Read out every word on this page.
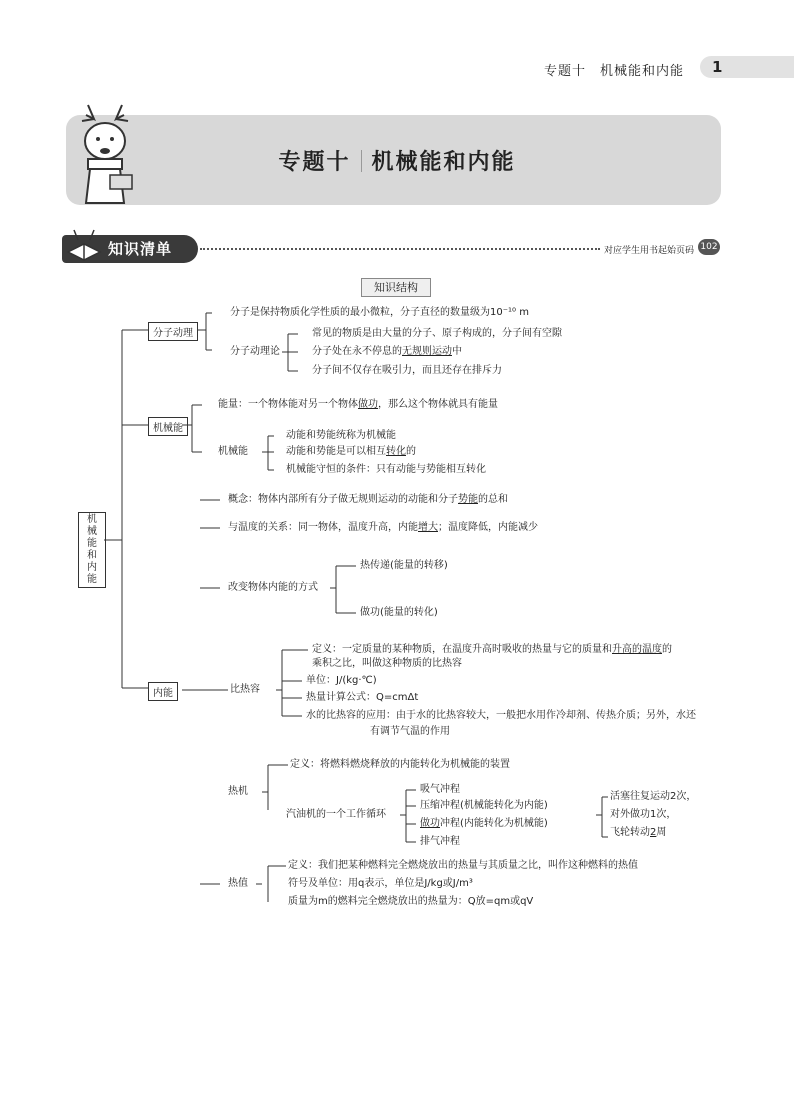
专题十　机械能和内能 1
专题十 机械能和内能
知识清单	对应学生用书起始页码 102
知识结构
机械能和内能
分子动理
分子是保持物质化学性质的最小微粒，分子直径的数量级为10⁻¹⁰ m
分子动理论
常见的物质是由大量的分子、原子构成的，分子间有空隙
分子处在永不停息的无规则运动中
分子间不仅存在吸引力，而且还存在排斥力
机械能
能量：一个物体能对另一个物体做功，那么这个物体就具有能量
机械能
动能和势能统称为机械能
动能和势能是可以相互转化的
机械能守恒的条件：只有动能与势能相互转化
概念：物体内部所有分子做无规则运动的动能和分子势能的总和
与温度的关系：同一物体，温度升高，内能增大；温度降低，内能减少
改变物体内能的方式
热传递(能量的转移)
做功(能量的转化)
内能	比热容
定义：一定质量的某种物质，在温度升高时吸收的热量与它的质量和升高的温度的
乘积之比，叫做这种物质的比热容
单位：J/(kg·℃)
热量计算公式：Q=cmΔt
水的比热容的应用：由于水的比热容较大，一般把水用作冷却剂、传热介质；另外，水还
有调节气温的作用
热机
定义：将燃料燃烧释放的内能转化为机械能的装置
汽油机的一个工作循环
吸气冲程
压缩冲程(机械能转化为内能)
做功冲程(内能转化为机械能)
排气冲程
活塞往复运动2次，
对外做功1次，
飞轮转动2周
热值
定义：我们把某种燃料完全燃烧放出的热量与其质量之比，叫作这种燃料的热值
符号及单位：用q表示，单位是J/kg或J/m³
质量为m的燃料完全燃烧放出的热量为：Q放=qm或qV
